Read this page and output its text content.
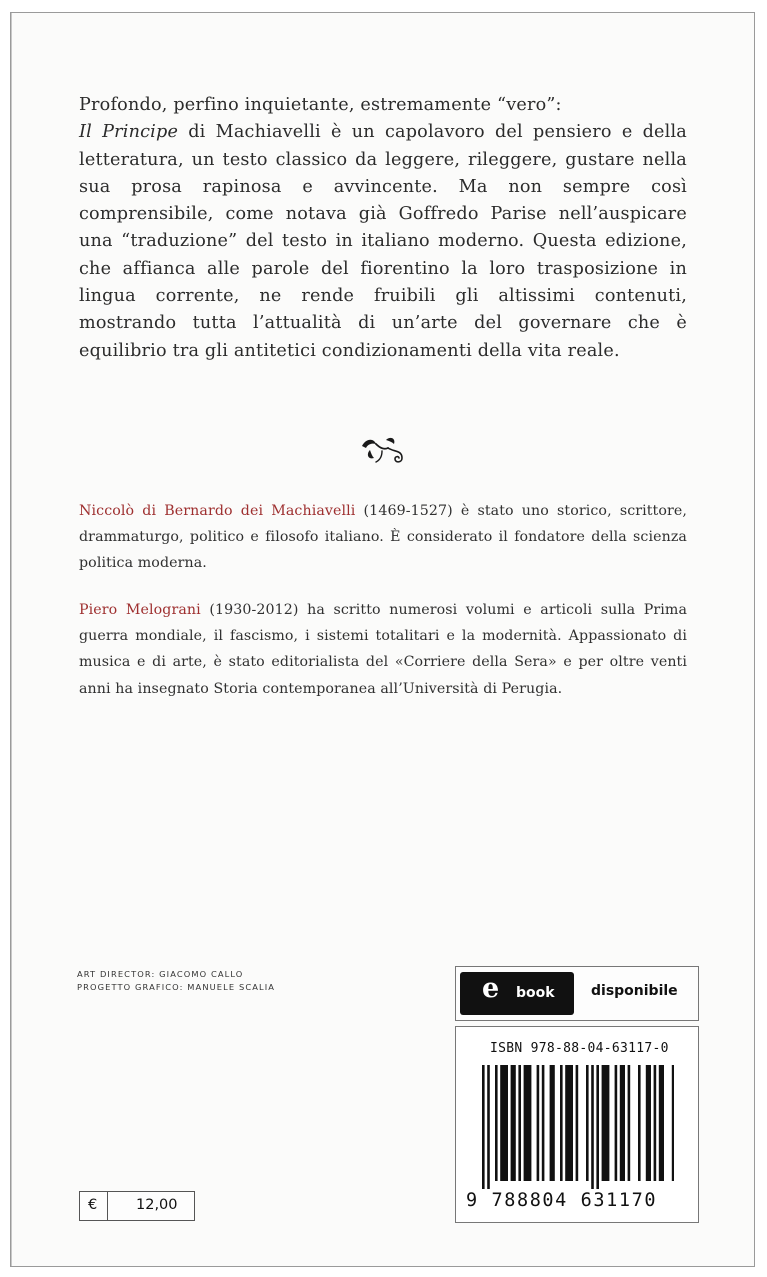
Profondo, perfino inquietante, estremamente “vero”:
Il Principe di Machiavelli è un capolavoro del pensiero e della letteratura, un testo classico da leggere, rileggere, gustare nella sua prosa rapinosa e avvincente. Ma non sempre così comprensibile, come notava già Goffredo Parise nell’auspicare una “traduzione” del testo in italiano moderno. Questa edizione, che affianca alle parole del fiorentino la loro trasposizione in lingua corrente, ne rende fruibili gli altissimi contenuti, mostrando tutta l’attualità di un’arte del governare che è equilibrio tra gli antitetici condizionamenti della vita reale.

Niccolò di Bernardo dei Machiavelli (1469-1527) è stato uno storico, scrittore, drammaturgo, politico e filosofo italiano. È considerato il fondatore della scienza politica moderna.

Piero Melograni (1930-2012) ha scritto numerosi volumi e articoli sulla Prima guerra mondiale, il fascismo, i sistemi totalitari e la modernità. Appassionato di musica e di arte, è stato editorialista del «Corriere della Sera» e per oltre venti anni ha insegnato Storia contemporanea all’Università di Perugia.

ART DIRECTOR: GIACOMO CALLO
PROGETTO GRAFICO: MANUELE SCALIA	e book	disponibile
ISBN 978-88-04-63117-0
9 788804 631170
€	12,00
